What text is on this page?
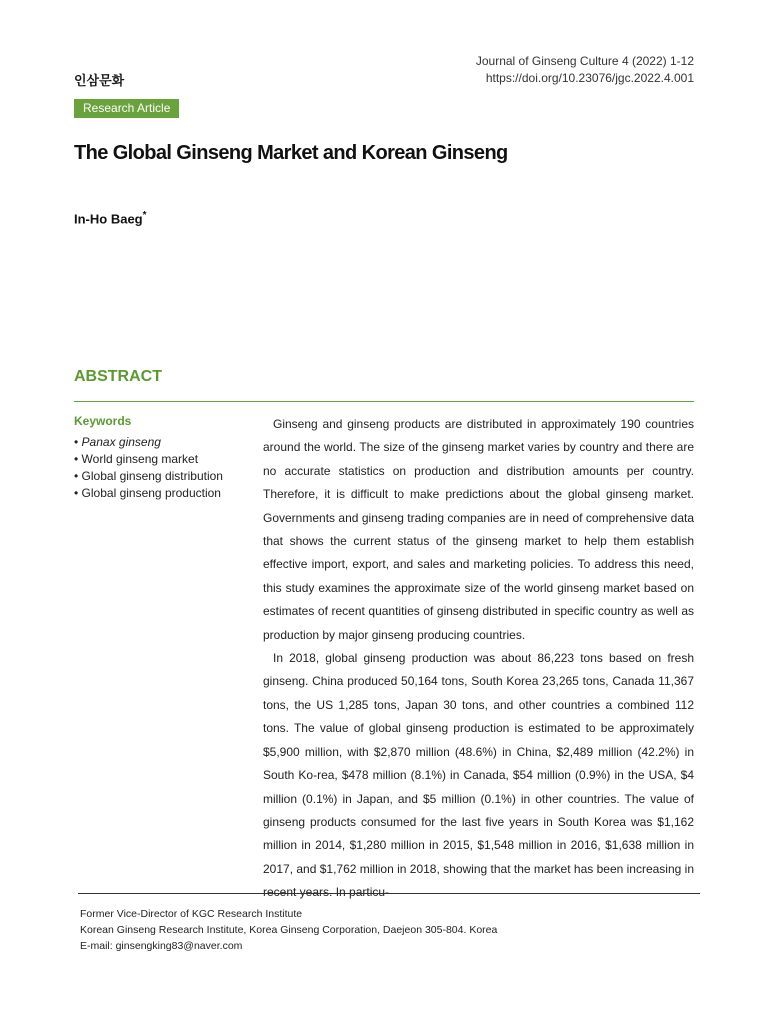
Journal of Ginseng Culture 4 (2022) 1-12
https://doi.org/10.23076/jgc.2022.4.001
인삼문화
Research Article
The Global Ginseng Market and Korean Ginseng
In-Ho Baeg*
ABSTRACT
Keywords
• Panax ginseng
• World ginseng market
• Global ginseng distribution
• Global ginseng production

Ginseng and ginseng products are distributed in approximately 190 countries around the world. The size of the ginseng market varies by country and there are no accurate statistics on production and distribution amounts per country. Therefore, it is difficult to make predictions about the global ginseng market. Governments and ginseng trading companies are in need of comprehensive data that shows the current status of the ginseng market to help them establish effective import, export, and sales and marketing policies. To address this need, this study examines the approximate size of the world ginseng market based on estimates of recent quantities of ginseng distributed in specific country as well as production by major ginseng producing countries.

In 2018, global ginseng production was about 86,223 tons based on fresh ginseng. China produced 50,164 tons, South Korea 23,265 tons, Canada 11,367 tons, the US 1,285 tons, Japan 30 tons, and other countries a combined 112 tons. The value of global ginseng production is estimated to be approximately $5,900 million, with $2,870 million (48.6%) in China, $2,489 million (42.2%) in South Ko-rea, $478 million (8.1%) in Canada, $54 million (0.9%) in the USA, $4 million (0.1%) in Japan, and $5 million (0.1%) in other countries. The value of ginseng products consumed for the last five years in South Korea was $1,162 million in 2014, $1,280 million in 2015, $1,548 million in 2016, $1,638 million in 2017, and $1,762 million in 2018, showing that the market has been increasing in

Former Vice-Director of KGC Research Institute
Korean Ginseng Research Institute, Korea Ginseng Corporation, Daejeon 305-804. Korea
E-mail: ginsengking83@naver.com
